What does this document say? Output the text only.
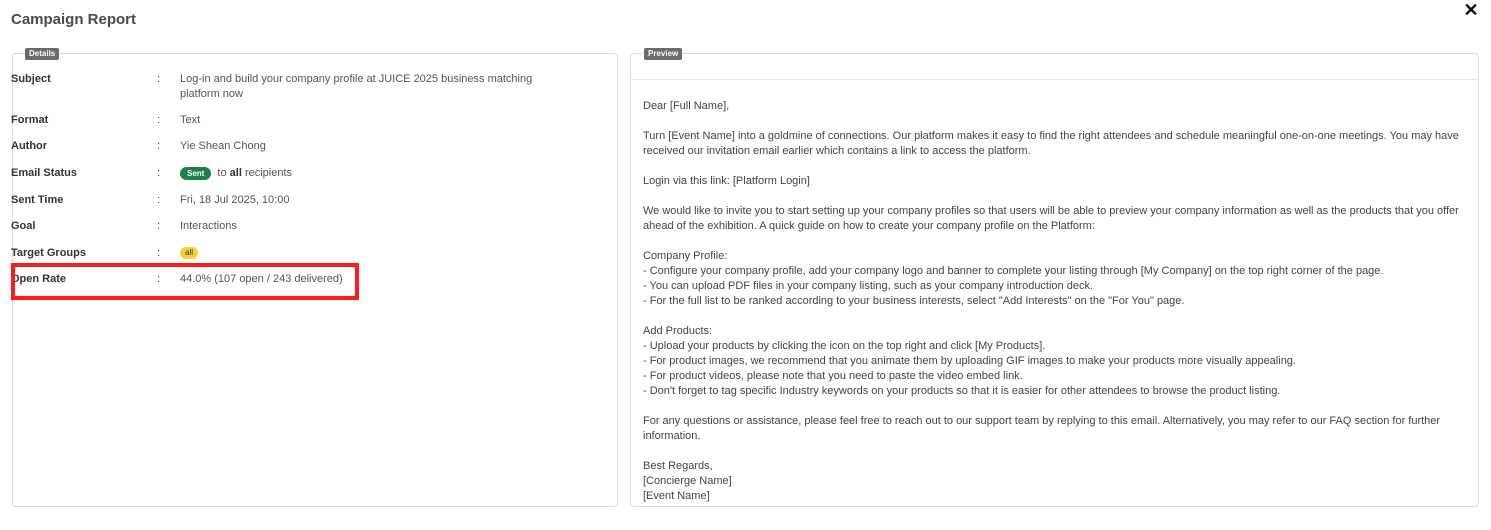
Campaign Report	✕
Details
Subject	: Log-in and build your company profile at JUICE 2025 business matching platform now
Format	: Text
Author	: Yie Shean Chong
Email Status	:	Sent to all recipients
Sent Time	: Fri, 18 Jul 2025, 10:00
Goal	: Interactions
Target Groups	:	all
Open Rate	: 44.0% (107 open / 243 delivered)
Preview

Dear [Full Name],

Turn [Event Name] into a goldmine of connections. Our platform makes it easy to find the right attendees and schedule meaningful one-on-one meetings. You may have received our invitation email earlier which contains a link to access the platform.

Login via this link: [Platform Login]

We would like to invite you to start setting up your company profiles so that users will be able to preview your company information as well as the products that you offer ahead of the exhibition. A quick guide on how to create your company profile on the Platform:

Company Profile:

- Configure your company profile, add your company logo and banner to complete your listing through [My Company] on the top right corner of the page.

- You can upload PDF files in your company listing, such as your company introduction deck.

- For the full list to be ranked according to your business interests, select "Add Interests" on the "For You" page.

Add Products:

- Upload your products by clicking the icon on the top right and click [My Products].

- For product images, we recommend that you animate them by uploading GIF images to make your products more visually appealing.

- For product videos, please note that you need to paste the video embed link.

- Don't forget to tag specific Industry keywords on your products so that it is easier for other attendees to browse the product listing.

For any questions or assistance, please feel free to reach out to our support team by replying to this email. Alternatively, you may refer to our FAQ section for further information.

Best Regards,

[Concierge Name]

[Event Name]
